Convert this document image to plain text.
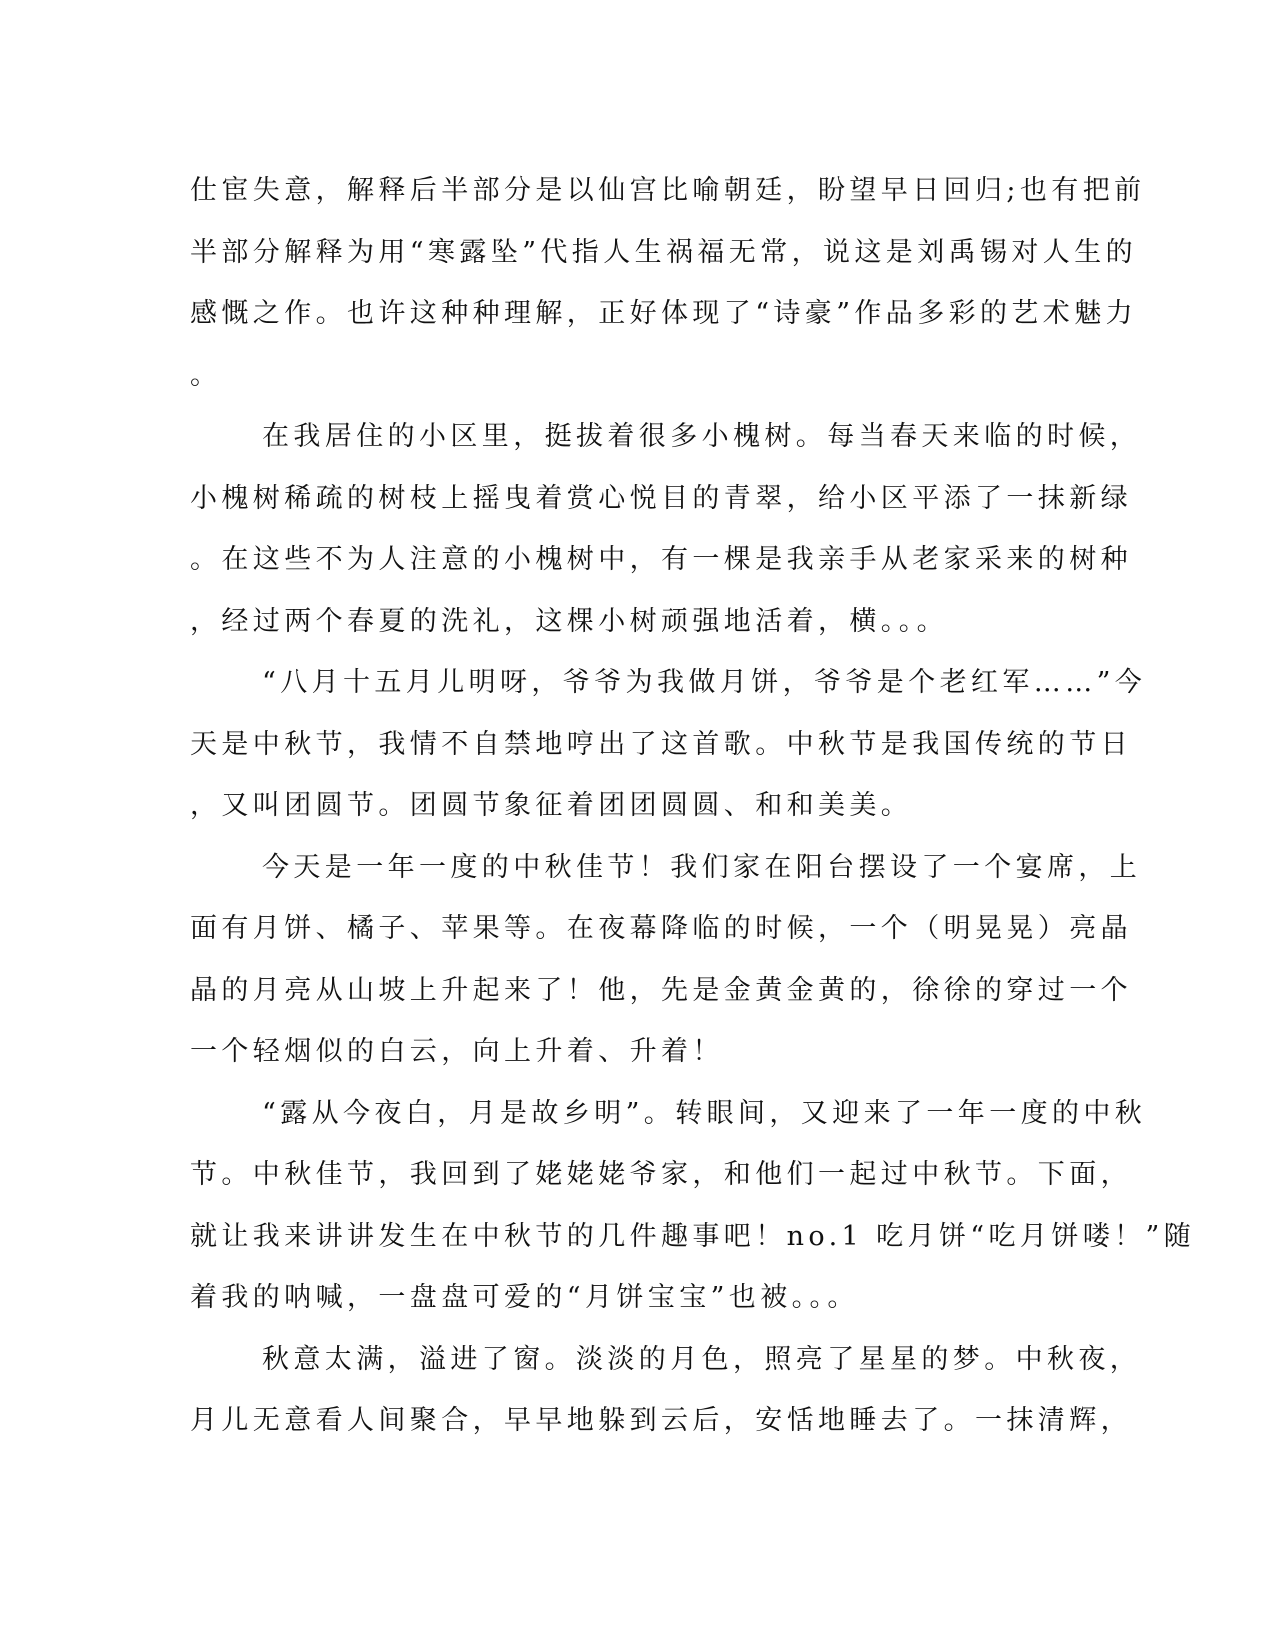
仕宦失意，解释后半部分是以仙宫比喻朝廷，盼望早日回归;也有把前
半部分解释为用“寒露坠”代指人生祸福无常，说这是刘禹锡对人生的
感慨之作。也许这种种理解，正好体现了“诗豪”作品多彩的艺术魅力
。
在我居住的小区里，挺拔着很多小槐树。每当春天来临的时候，
小槐树稀疏的树枝上摇曳着赏心悦目的青翠，给小区平添了一抹新绿
。在这些不为人注意的小槐树中，有一棵是我亲手从老家采来的树种
，经过两个春夏的洗礼，这棵小树顽强地活着，横。。。
“八月十五月儿明呀，爷爷为我做月饼，爷爷是个老红军……”今
天是中秋节，我情不自禁地哼出了这首歌。中秋节是我国传统的节日
，又叫团圆节。团圆节象征着团团圆圆、和和美美。
今天是一年一度的中秋佳节！我们家在阳台摆设了一个宴席，上
面有月饼、橘子、苹果等。在夜幕降临的时候，一个（明晃晃）亮晶
晶的月亮从山坡上升起来了！他，先是金黄金黄的，徐徐的穿过一个
一个轻烟似的白云，向上升着、升着！
“露从今夜白，月是故乡明”。转眼间，又迎来了一年一度的中秋
节。中秋佳节，我回到了姥姥姥爷家，和他们一起过中秋节。下面，
就让我来讲讲发生在中秋节的几件趣事吧！no.1 吃月饼“吃月饼喽！”随
着我的呐喊，一盘盘可爱的“月饼宝宝”也被。。。
秋意太满，溢进了窗。淡淡的月色，照亮了星星的梦。中秋夜，
月儿无意看人间聚合，早早地躲到云后，安恬地睡去了。一抹清辉，
